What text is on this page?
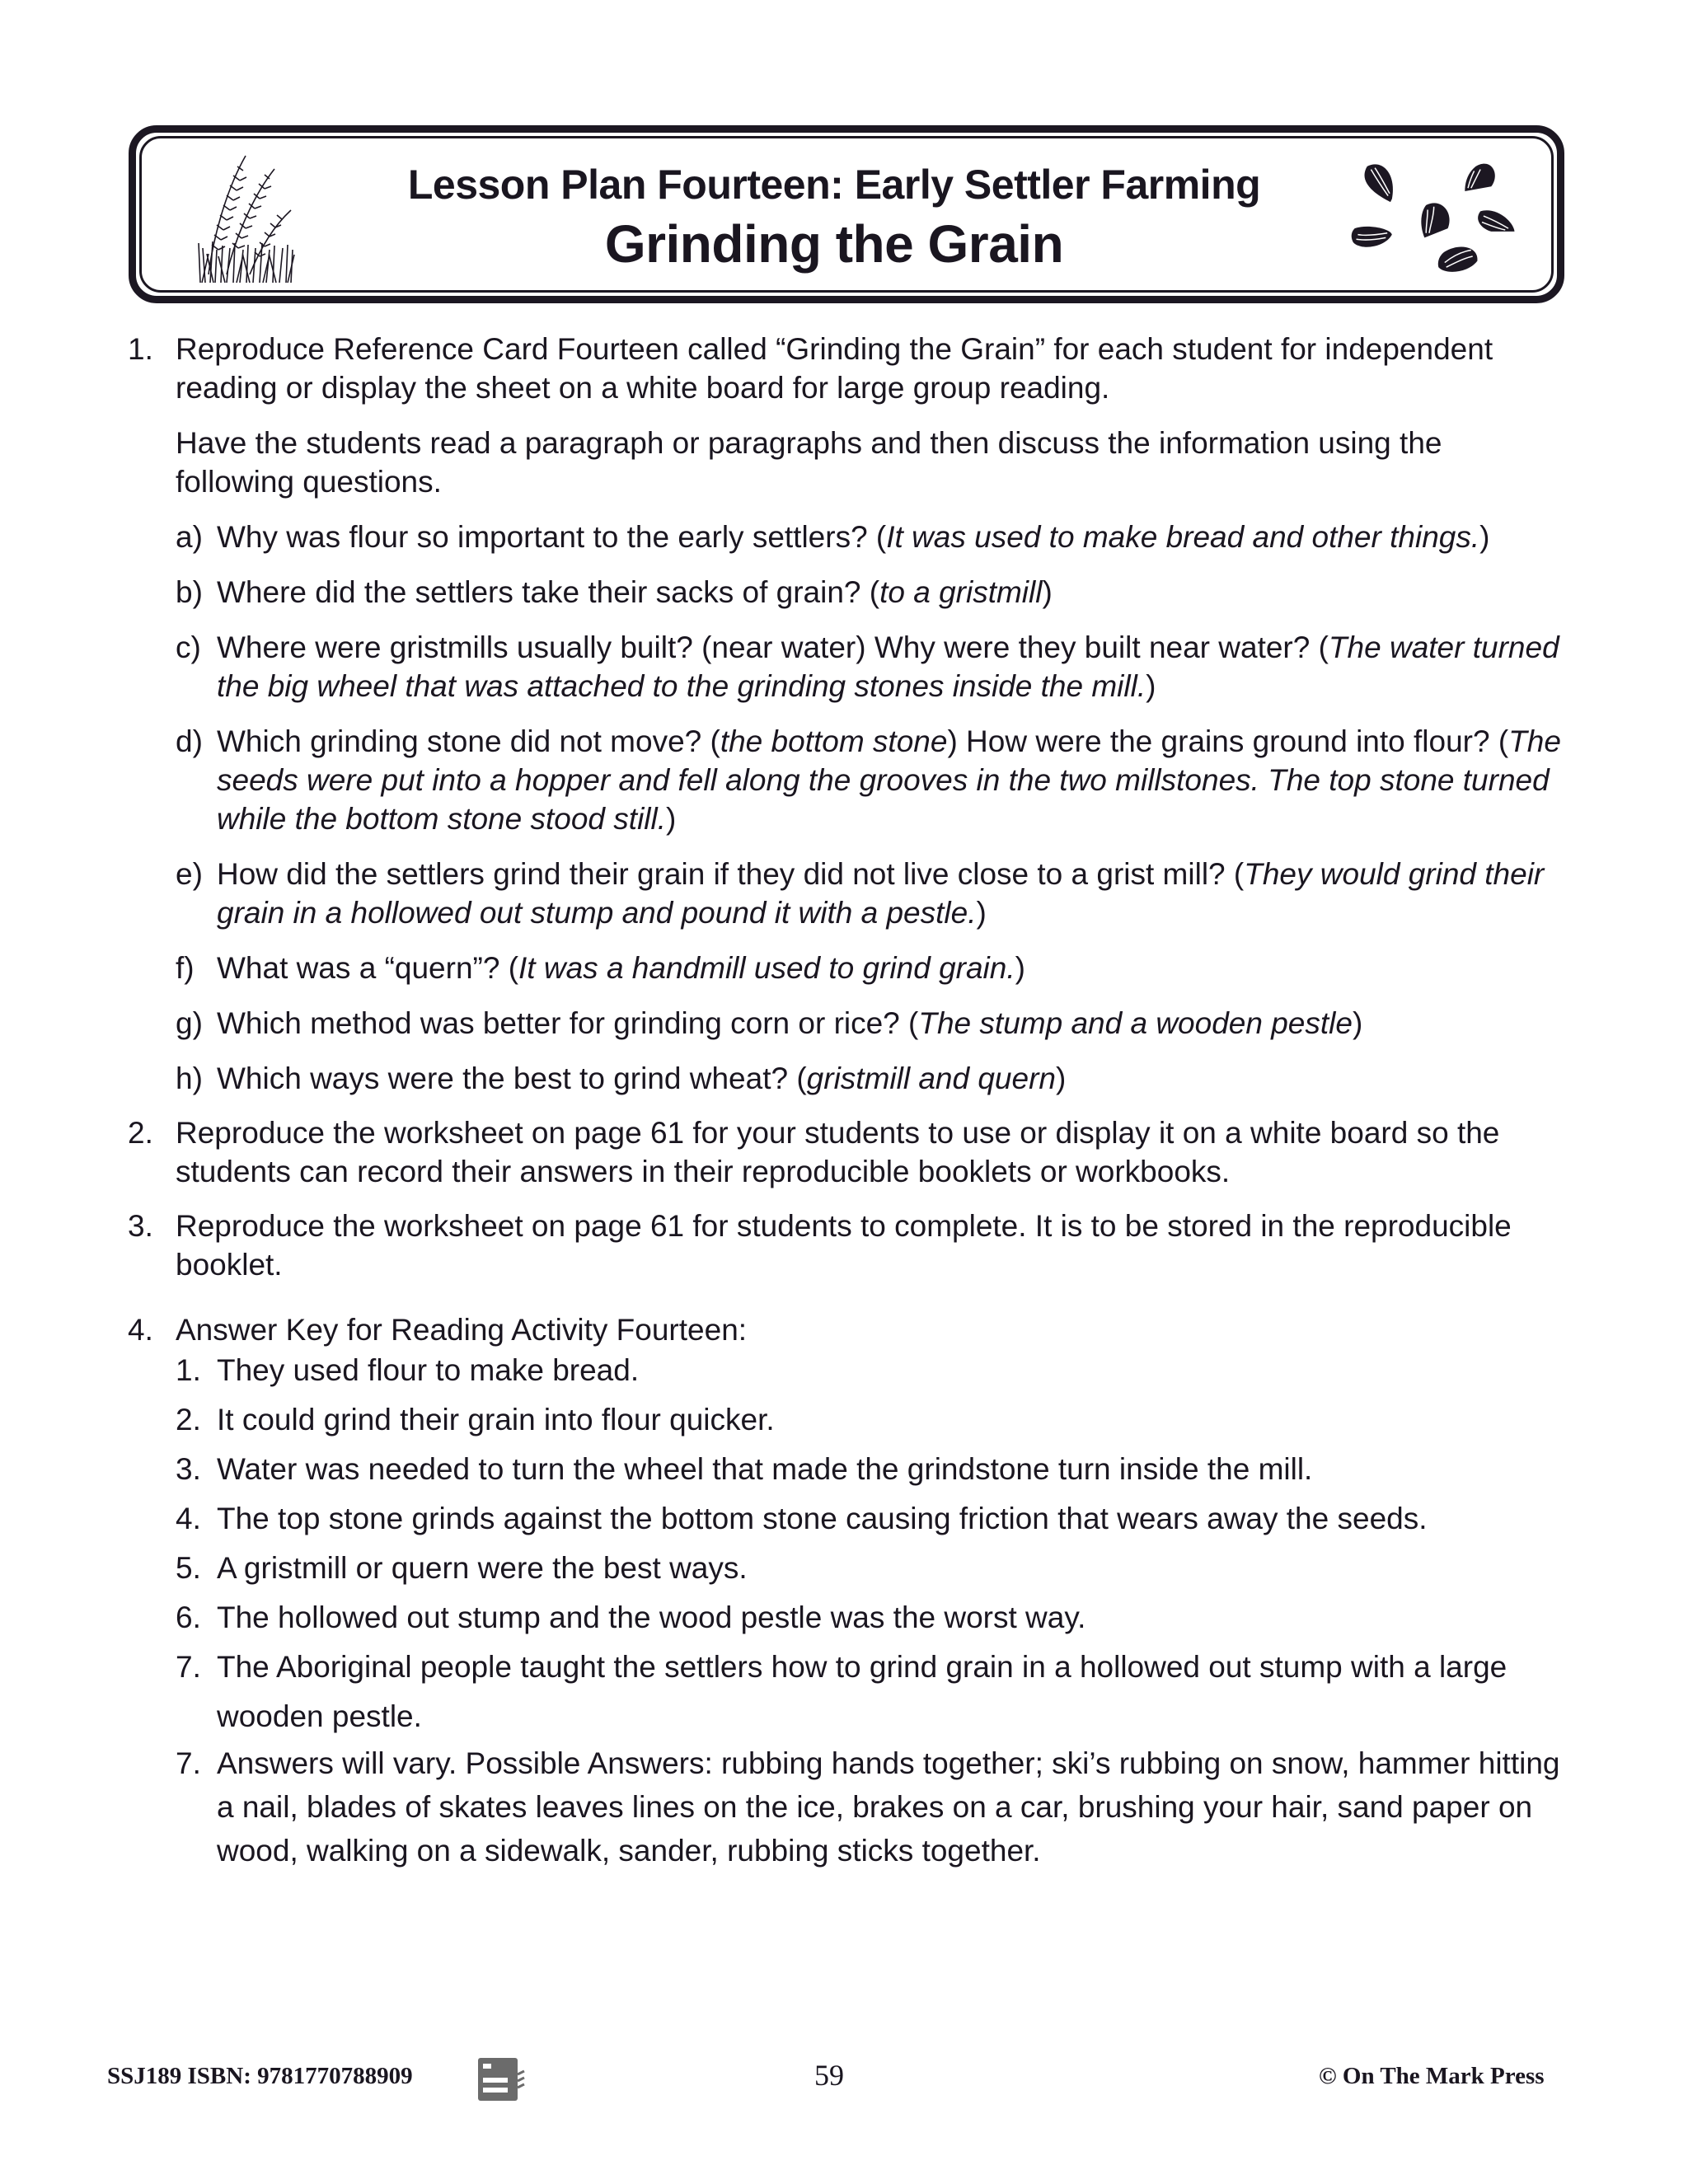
Lesson Plan Fourteen: Early Settler Farming
Grinding the Grain
1. Reproduce Reference Card Fourteen called “Grinding the Grain” for each student for independent reading or display the sheet on a white board for large group reading.

Have the students read a paragraph or paragraphs and then discuss the information using the following questions.

a) Why was flour so important to the early settlers? (It was used to make bread and other things.)
b) Where did the settlers take their sacks of grain? (to a gristmill)
c) Where were gristmills usually built? (near water) Why were they built near water? (The water turned the big wheel that was attached to the grinding stones inside the mill.)
d) Which grinding stone did not move? (the bottom stone) How were the grains ground into flour? (The seeds were put into a hopper and fell along the grooves in the two millstones. The top stone turned while the bottom stone stood still.)
e) How did the settlers grind their grain if they did not live close to a grist mill? (They would grind their grain in a hollowed out stump and pound it with a pestle.)
f) What was a “quern”? (It was a handmill used to grind grain.)
g) Which method was better for grinding corn or rice? (The stump and a wooden pestle)
h) Which ways were the best to grind wheat? (gristmill and quern)
2. Reproduce the worksheet on page 61 for your students to use or display it on a white board so the students can record their answers in their reproducible booklets or workbooks.

3. Reproduce the worksheet on page 61 for students to complete. It is to be stored in the reproducible booklet.

4. Answer Key for Reading Activity Fourteen:

1. They used flour to make bread.
2. It could grind their grain into flour quicker.
3. Water was needed to turn the wheel that made the grindstone turn inside the mill.
4. The top stone grinds against the bottom stone causing friction that wears away the seeds.
5. A gristmill or quern were the best ways.
6. The hollowed out stump and the wood pestle was the worst way.
7. The Aboriginal people taught the settlers how to grind grain in a hollowed out stump with a large wooden pestle.
7. Answers will vary. Possible Answers: rubbing hands together; ski’s rubbing on snow, hammer hitting a nail, blades of skates leaves lines on the ice, brakes on a car, brushing your hair, sand paper on wood, walking on a sidewalk, sander, rubbing sticks together.
SSJ189 ISBN: 9781770788909	59	© On The Mark Press
